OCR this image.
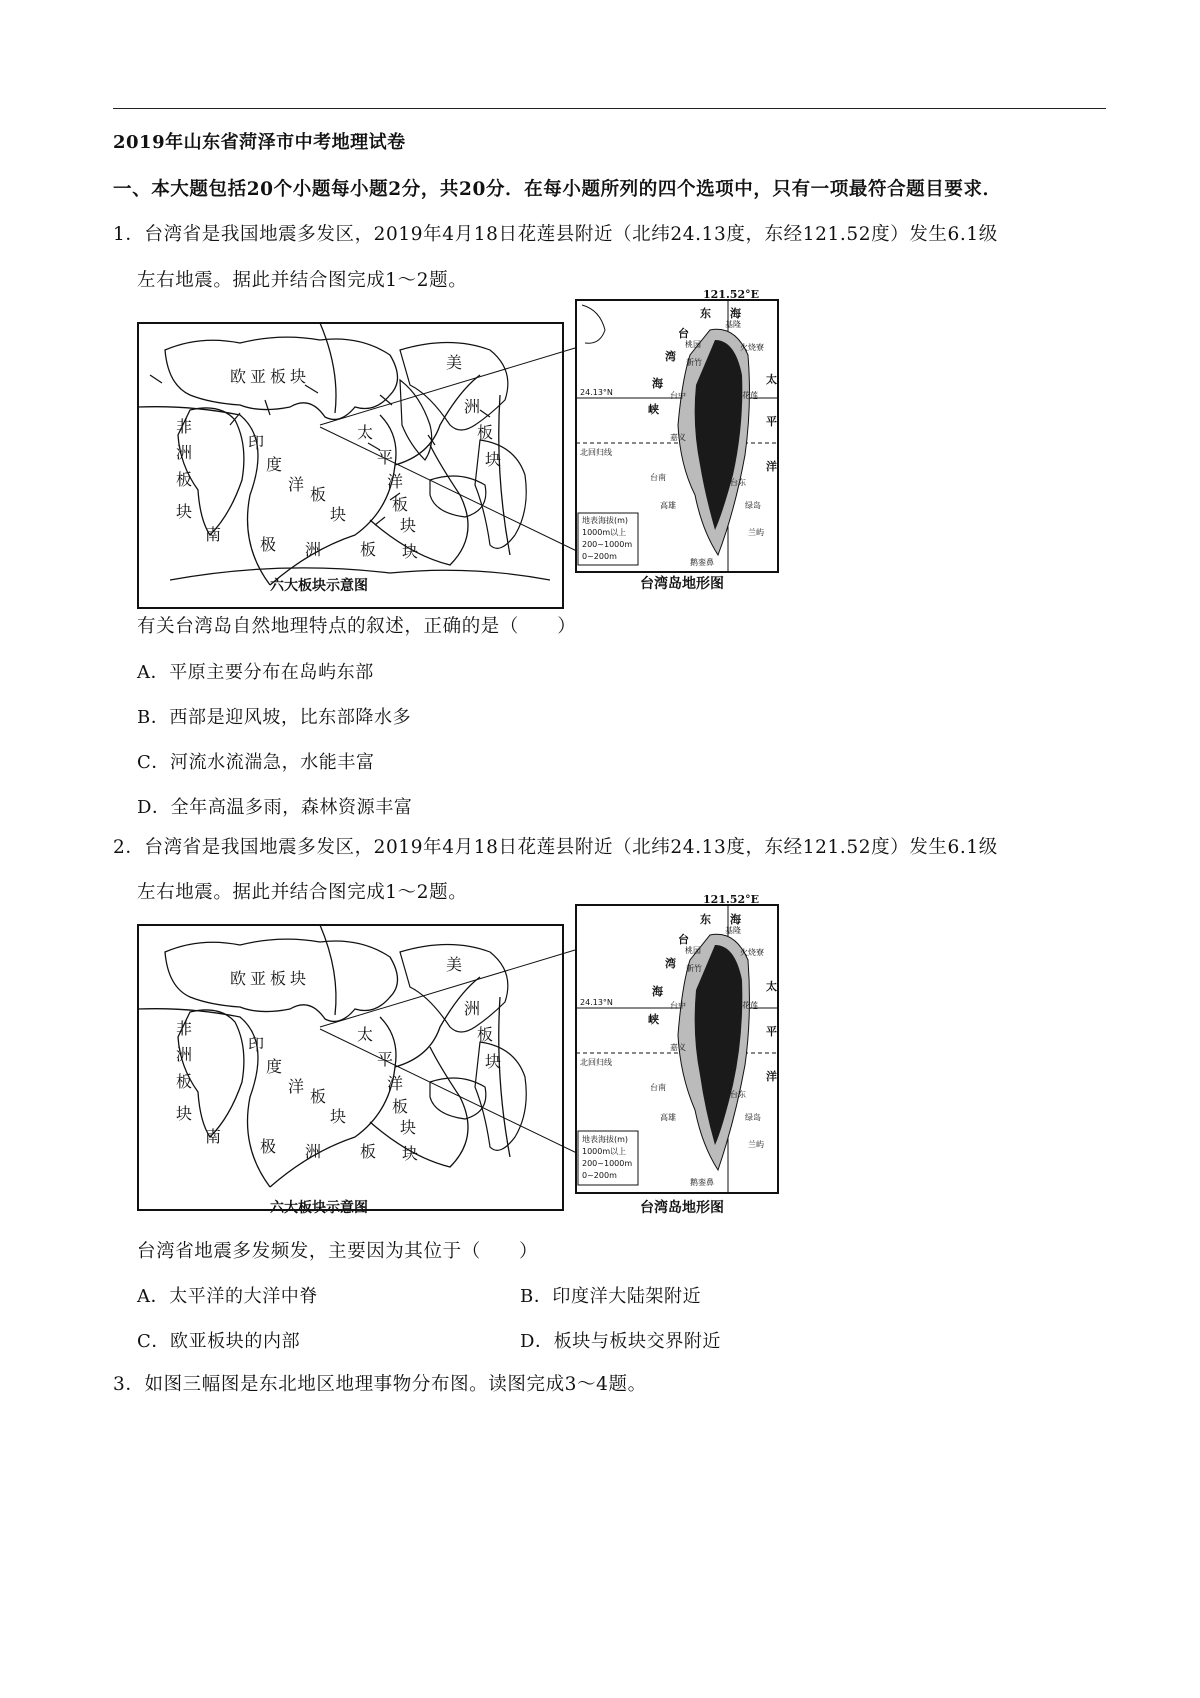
2019年山东省菏泽市中考地理试卷
一、本大题包括20个小题每小题2分，共20分．在每小题所列的四个选项中，只有一项最符合题目要求．
1．台湾省是我国地震多发区，2019年4月18日花莲县附近（北纬24.13度，东经121.52度）发生6.1级
左右地震。据此并结合图完成1～2题。
欧 亚 板 块
非
洲
板
块
印
度
洋
板
块
太
平
洋
板
块
美
洲
板
块
南
极 洲 板 块
六大板块示意图
121.52°E
东 海
台
湾
海
峡
太
平
洋
24.13°N
北回归线
基隆
桃园
新竹
台中	花莲
嘉义
台南
台东
高雄
火烧寮
绿岛
兰屿
鹅銮鼻
地表海拔(m)
1000m以上
200~1000m
0~200m
台湾岛地形图
有关台湾岛自然地理特点的叙述，正确的是（　　）
A．平原主要分布在岛屿东部
B．西部是迎风坡，比东部降水多
C．河流水流湍急，水能丰富
D．全年高温多雨，森林资源丰富
2．台湾省是我国地震多发区，2019年4月18日花莲县附近（北纬24.13度，东经121.52度）发生6.1级
左右地震。据此并结合图完成1～2题。
欧 亚 板 块
非
洲
板
块
印
度
洋
板
块
太
平
洋
板
块
美
洲
板
块
南
极 洲 板 块
六大板块示意图
121.52°E
东 海
台
湾
海
峡
太
平
洋
24.13°N
北回归线
基隆
桃园
新竹
台中	花莲
嘉义
台南
台东
高雄
火烧寮
绿岛
兰屿
鹅銮鼻
地表海拔(m)
1000m以上
200~1000m
0~200m
台湾岛地形图
台湾省地震多发频发，主要因为其位于（　　）
A．太平洋的大洋中脊	B．印度洋大陆架附近
C．欧亚板块的内部	D．板块与板块交界附近
3．如图三幅图是东北地区地理事物分布图。读图完成3～4题。
